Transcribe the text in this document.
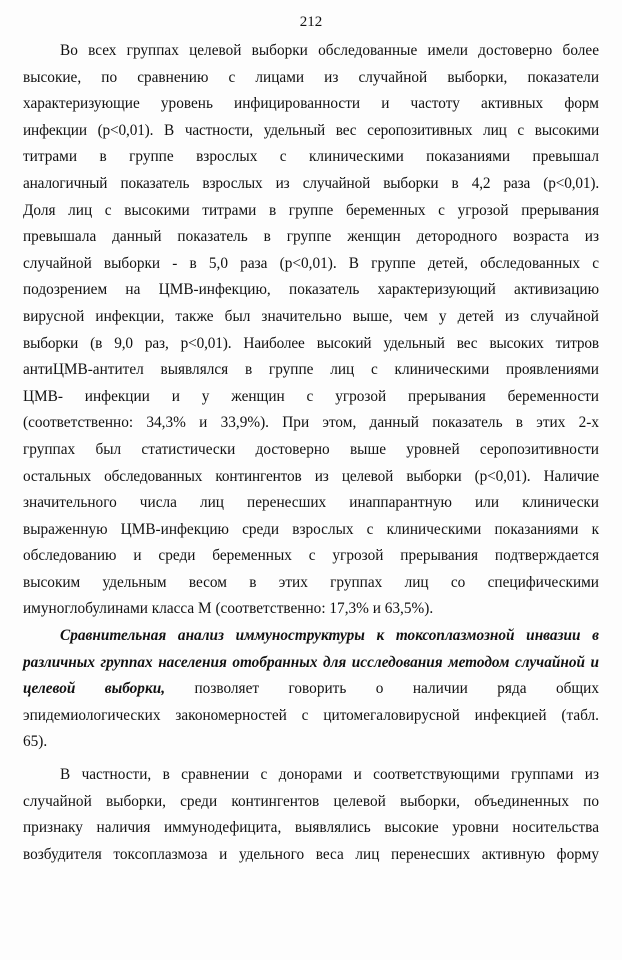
212

Во всех группах целевой выборки обследованные имели достоверно более
высокие, по сравнению с лицами из случайной выборки, показатели

характеризующие уровень инфицированности и частоту активных форм
инфекции (р<0,01). В частности, удельный вес серопозитивных лиц с высокими
титрами в группе взрослых с клиническими показаниями превышал
аналогичный показатель взрослых из случайной выборки в 4,2 раза (р<0,01).
Доля лиц с высокими титрами в группе беременных с угрозой прерывания
превышала данный показатель в группе женщин детородного возраста из
случайной выборки - в 5,0 раза (р<0,01). В группе детей, обследованных с
подозрением на ЦМВ-инфекцию, показатель характеризующий активизацию
вирусной инфекции, также был значительно выше, чем у детей из случайной
выборки (в 9,0 раз, р<0,01). Наиболее высокий удельный вес высоких титров
антиЦМВ-антител выявлялся в группе лиц с клиническими проявлениями
ЦМВ- инфекции и у женщин с угрозой прерывания беременности
(соответственно: 34,3% и 33,9%). При этом, данный показатель в этих 2-х
группах был статистически достоверно выше уровней серопозитивности
остальных обследованных контингентов из целевой выборки (р<0,01). Наличие
значительного числа лиц перенесших инаппарантную или клинически
выраженную ЦМВ-инфекцию среди взрослых с клиническими показаниями к
обследованию и среди беременных с угрозой прерывания подтверждается
высоким удельным весом в этих группах лиц со специфическими

имуноглобулинами класса М (соответственно: 17,3% и 63,5%).

Сравнительная анализ иммуноструктуры к токсоплазмозной инвазии в
различных группах населения отобранных для исследования методом случайной и
целевой   выборки,   позволяет   говорить   о   наличии   ряда   общих
эпидемиологических закономерностей с цитомегаловирусной инфекцией (табл.

65).

В частности, в сравнении с донорами и соответствующими группами из
случайной выборки, среди контингентов целевой выборки, объединенных по
признаку наличия иммунодефицита, выявлялись высокие уровни носительства
возбудителя токсоплазмоза и удельного веса лиц перенесших активную форму
